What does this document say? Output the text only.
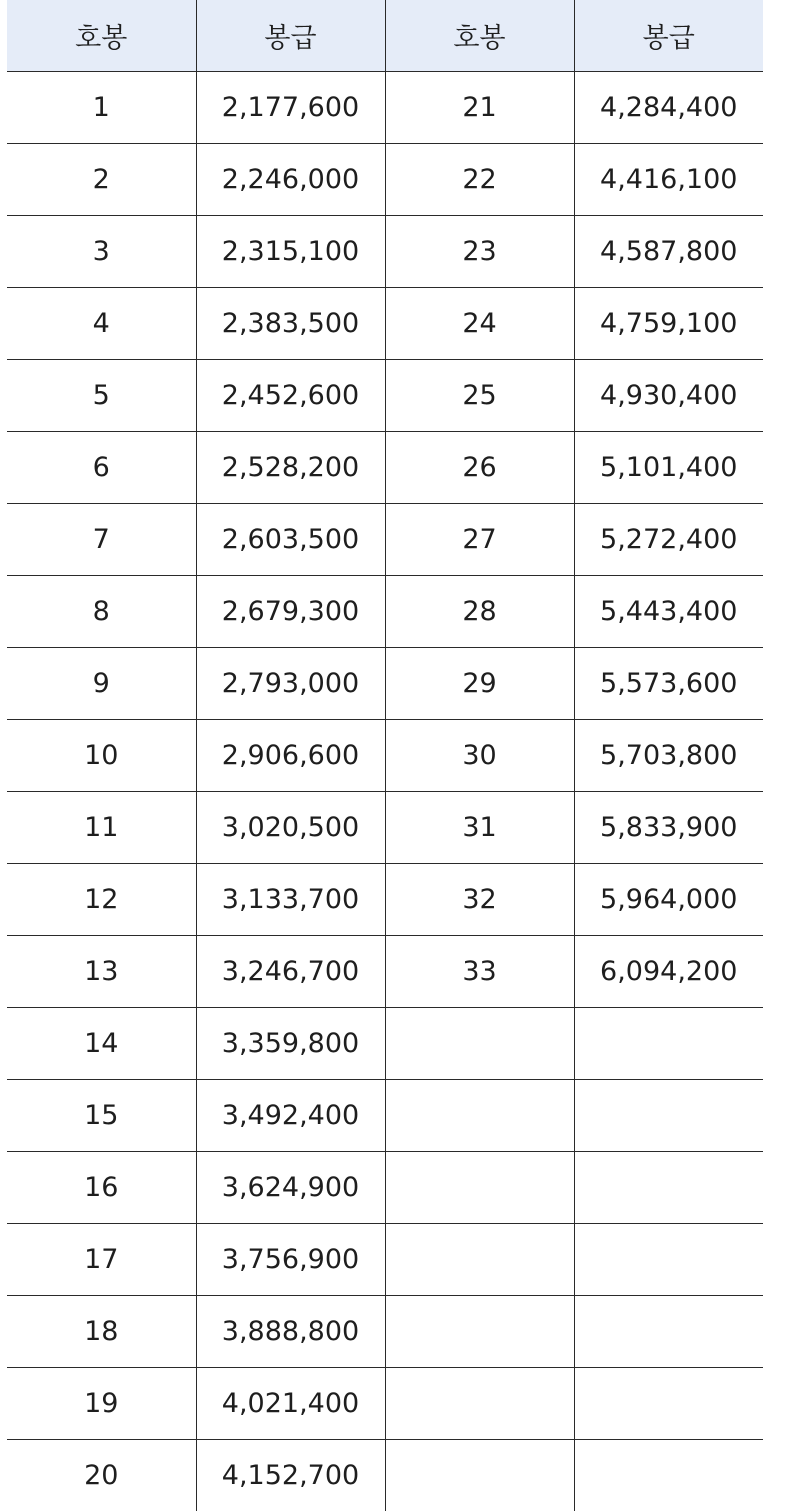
호봉	봉급	호봉	봉급
1	2,177,600	21	4,284,400
2	2,246,000	22	4,416,100
3	2,315,100	23	4,587,800
4	2,383,500	24	4,759,100
5	2,452,600	25	4,930,400
6	2,528,200	26	5,101,400
7	2,603,500	27	5,272,400
8	2,679,300	28	5,443,400
9	2,793,000	29	5,573,600
10	2,906,600	30	5,703,800
11	3,020,500	31	5,833,900
12	3,133,700	32	5,964,000
13	3,246,700	33	6,094,200
14	3,359,800		
15	3,492,400		
16	3,624,900		
17	3,756,900		
18	3,888,800		
19	4,021,400		
20	4,152,700		
